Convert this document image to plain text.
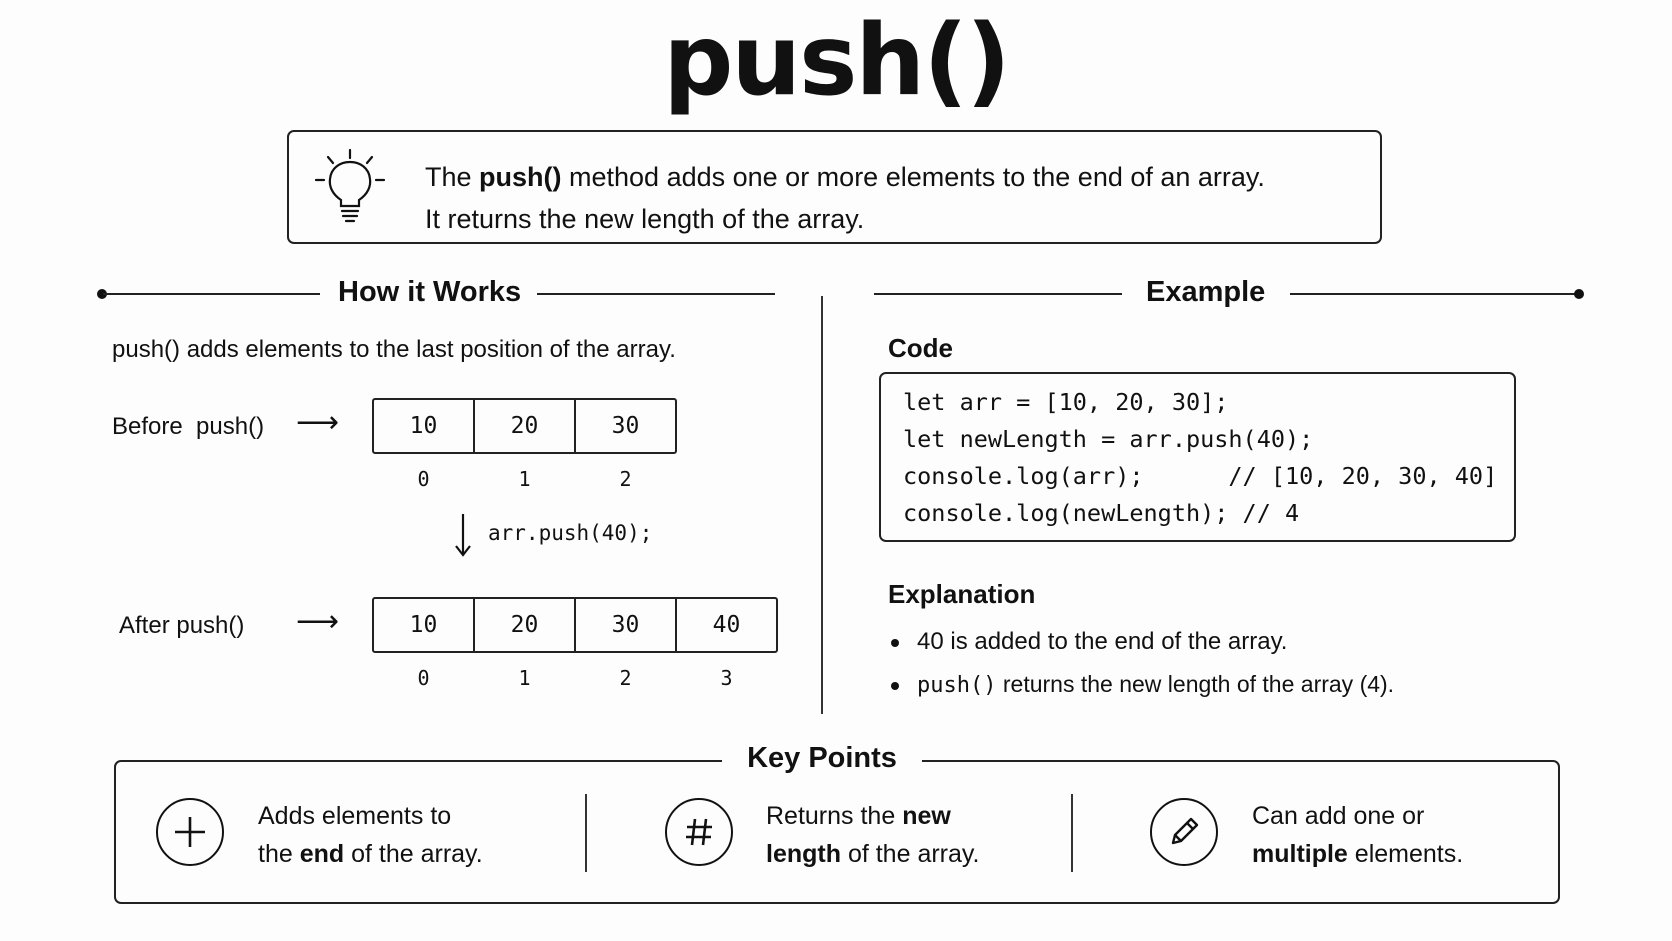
push()
The push() method adds one or more elements to the end of an array.
It returns the new length of the array.
How it Works	Example
push() adds elements to the last position of the array.
Before  push() ⟶	10	20	30
0	1	2
arr.push(40);
After push() ⟶	10	20	30	40
0	1	2	3
Code
let arr = [10, 20, 30];
let newLength = arr.push(40);
console.log(arr);      // [10, 20, 30, 40]
console.log(newLength); // 4
Explanation
40 is added to the end of the array.
push() returns the new length of the array (4).
Key Points
Adds elements to
the end of the array.
Returns the new
length of the array.
Can add one or
multiple elements.
